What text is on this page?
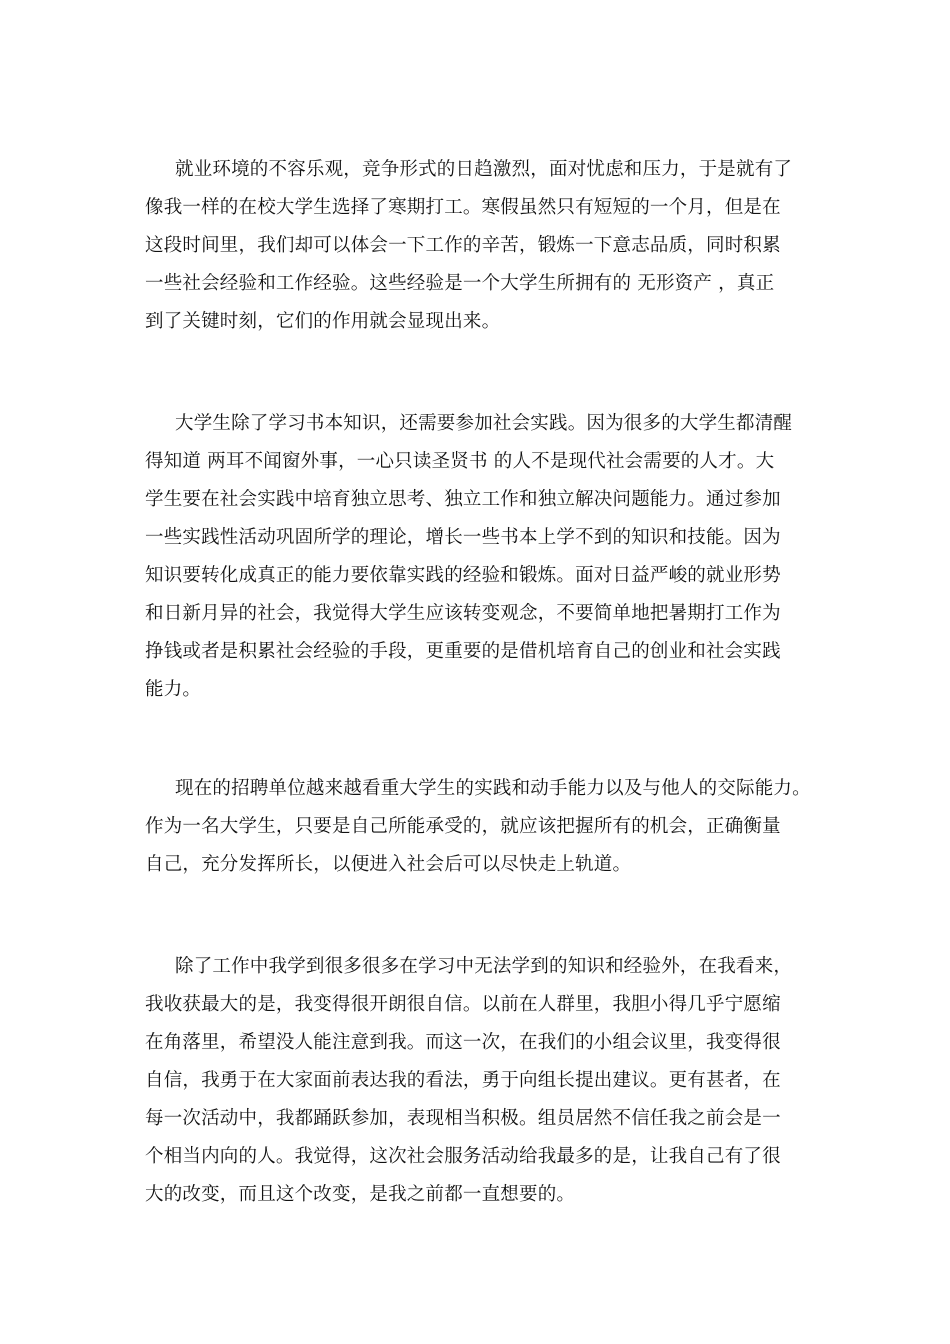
就业环境的不容乐观，竞争形式的日趋激烈，面对忧虑和压力，于是就有了
像我一样的在校大学生选择了寒期打工。寒假虽然只有短短的一个月，但是在
这段时间里，我们却可以体会一下工作的辛苦，锻炼一下意志品质，同时积累
一些社会经验和工作经验。这些经验是一个大学生所拥有的 无形资产 ，真正
到了关键时刻，它们的作用就会显现出来。
大学生除了学习书本知识，还需要参加社会实践。因为很多的大学生都清醒
得知道 两耳不闻窗外事，一心只读圣贤书 的人不是现代社会需要的人才。大
学生要在社会实践中培育独立思考、独立工作和独立解决问题能力。通过参加
一些实践性活动巩固所学的理论，增长一些书本上学不到的知识和技能。因为
知识要转化成真正的能力要依靠实践的经验和锻炼。面对日益严峻的就业形势
和日新月异的社会，我觉得大学生应该转变观念，不要简单地把暑期打工作为
挣钱或者是积累社会经验的手段，更重要的是借机培育自己的创业和社会实践
能力。
现在的招聘单位越来越看重大学生的实践和动手能力以及与他人的交际能力。
作为一名大学生，只要是自己所能承受的，就应该把握所有的机会，正确衡量
自己，充分发挥所长，以便进入社会后可以尽快走上轨道。
除了工作中我学到很多很多在学习中无法学到的知识和经验外，在我看来，
我收获最大的是，我变得很开朗很自信。以前在人群里，我胆小得几乎宁愿缩
在角落里，希望没人能注意到我。而这一次，在我们的小组会议里，我变得很
自信，我勇于在大家面前表达我的看法，勇于向组长提出建议。更有甚者，在
每一次活动中，我都踊跃参加，表现相当积极。组员居然不信任我之前会是一
个相当内向的人。我觉得，这次社会服务活动给我最多的是，让我自己有了很
大的改变，而且这个改变，是我之前都一直想要的。
